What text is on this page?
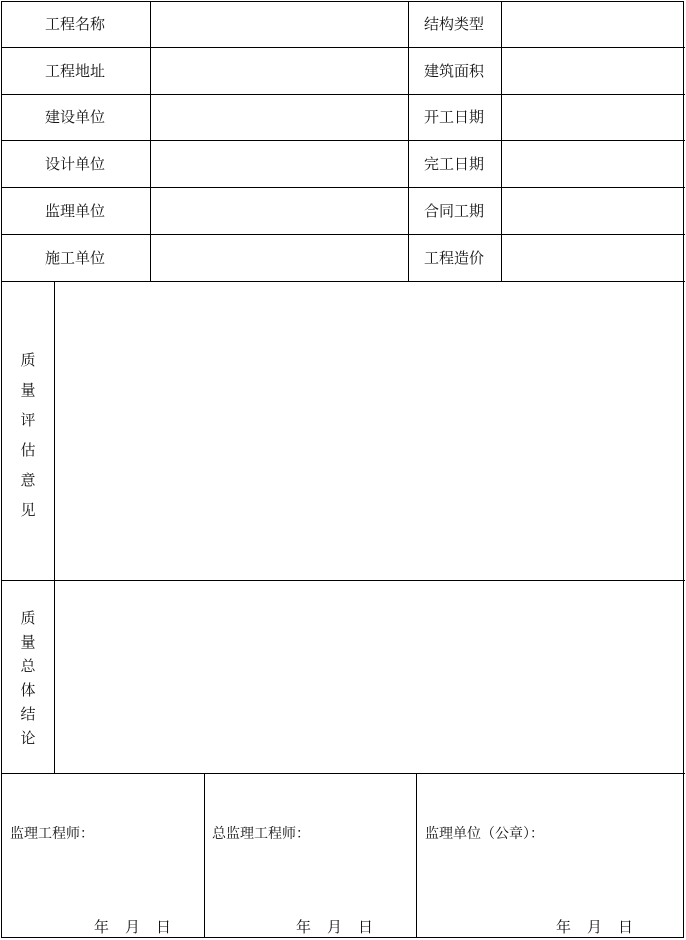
工程名称	结构类型
工程地址	建筑面积
建设单位	开工日期
设计单位	完工日期
监理单位	合同工期
施工单位	工程造价
质
量
评
估
意
见
质
量
总
体
结
论
监理工程师：
年 月 日
总监理工程师：
年 月 日
监理单位（公章）：
年 月 日
